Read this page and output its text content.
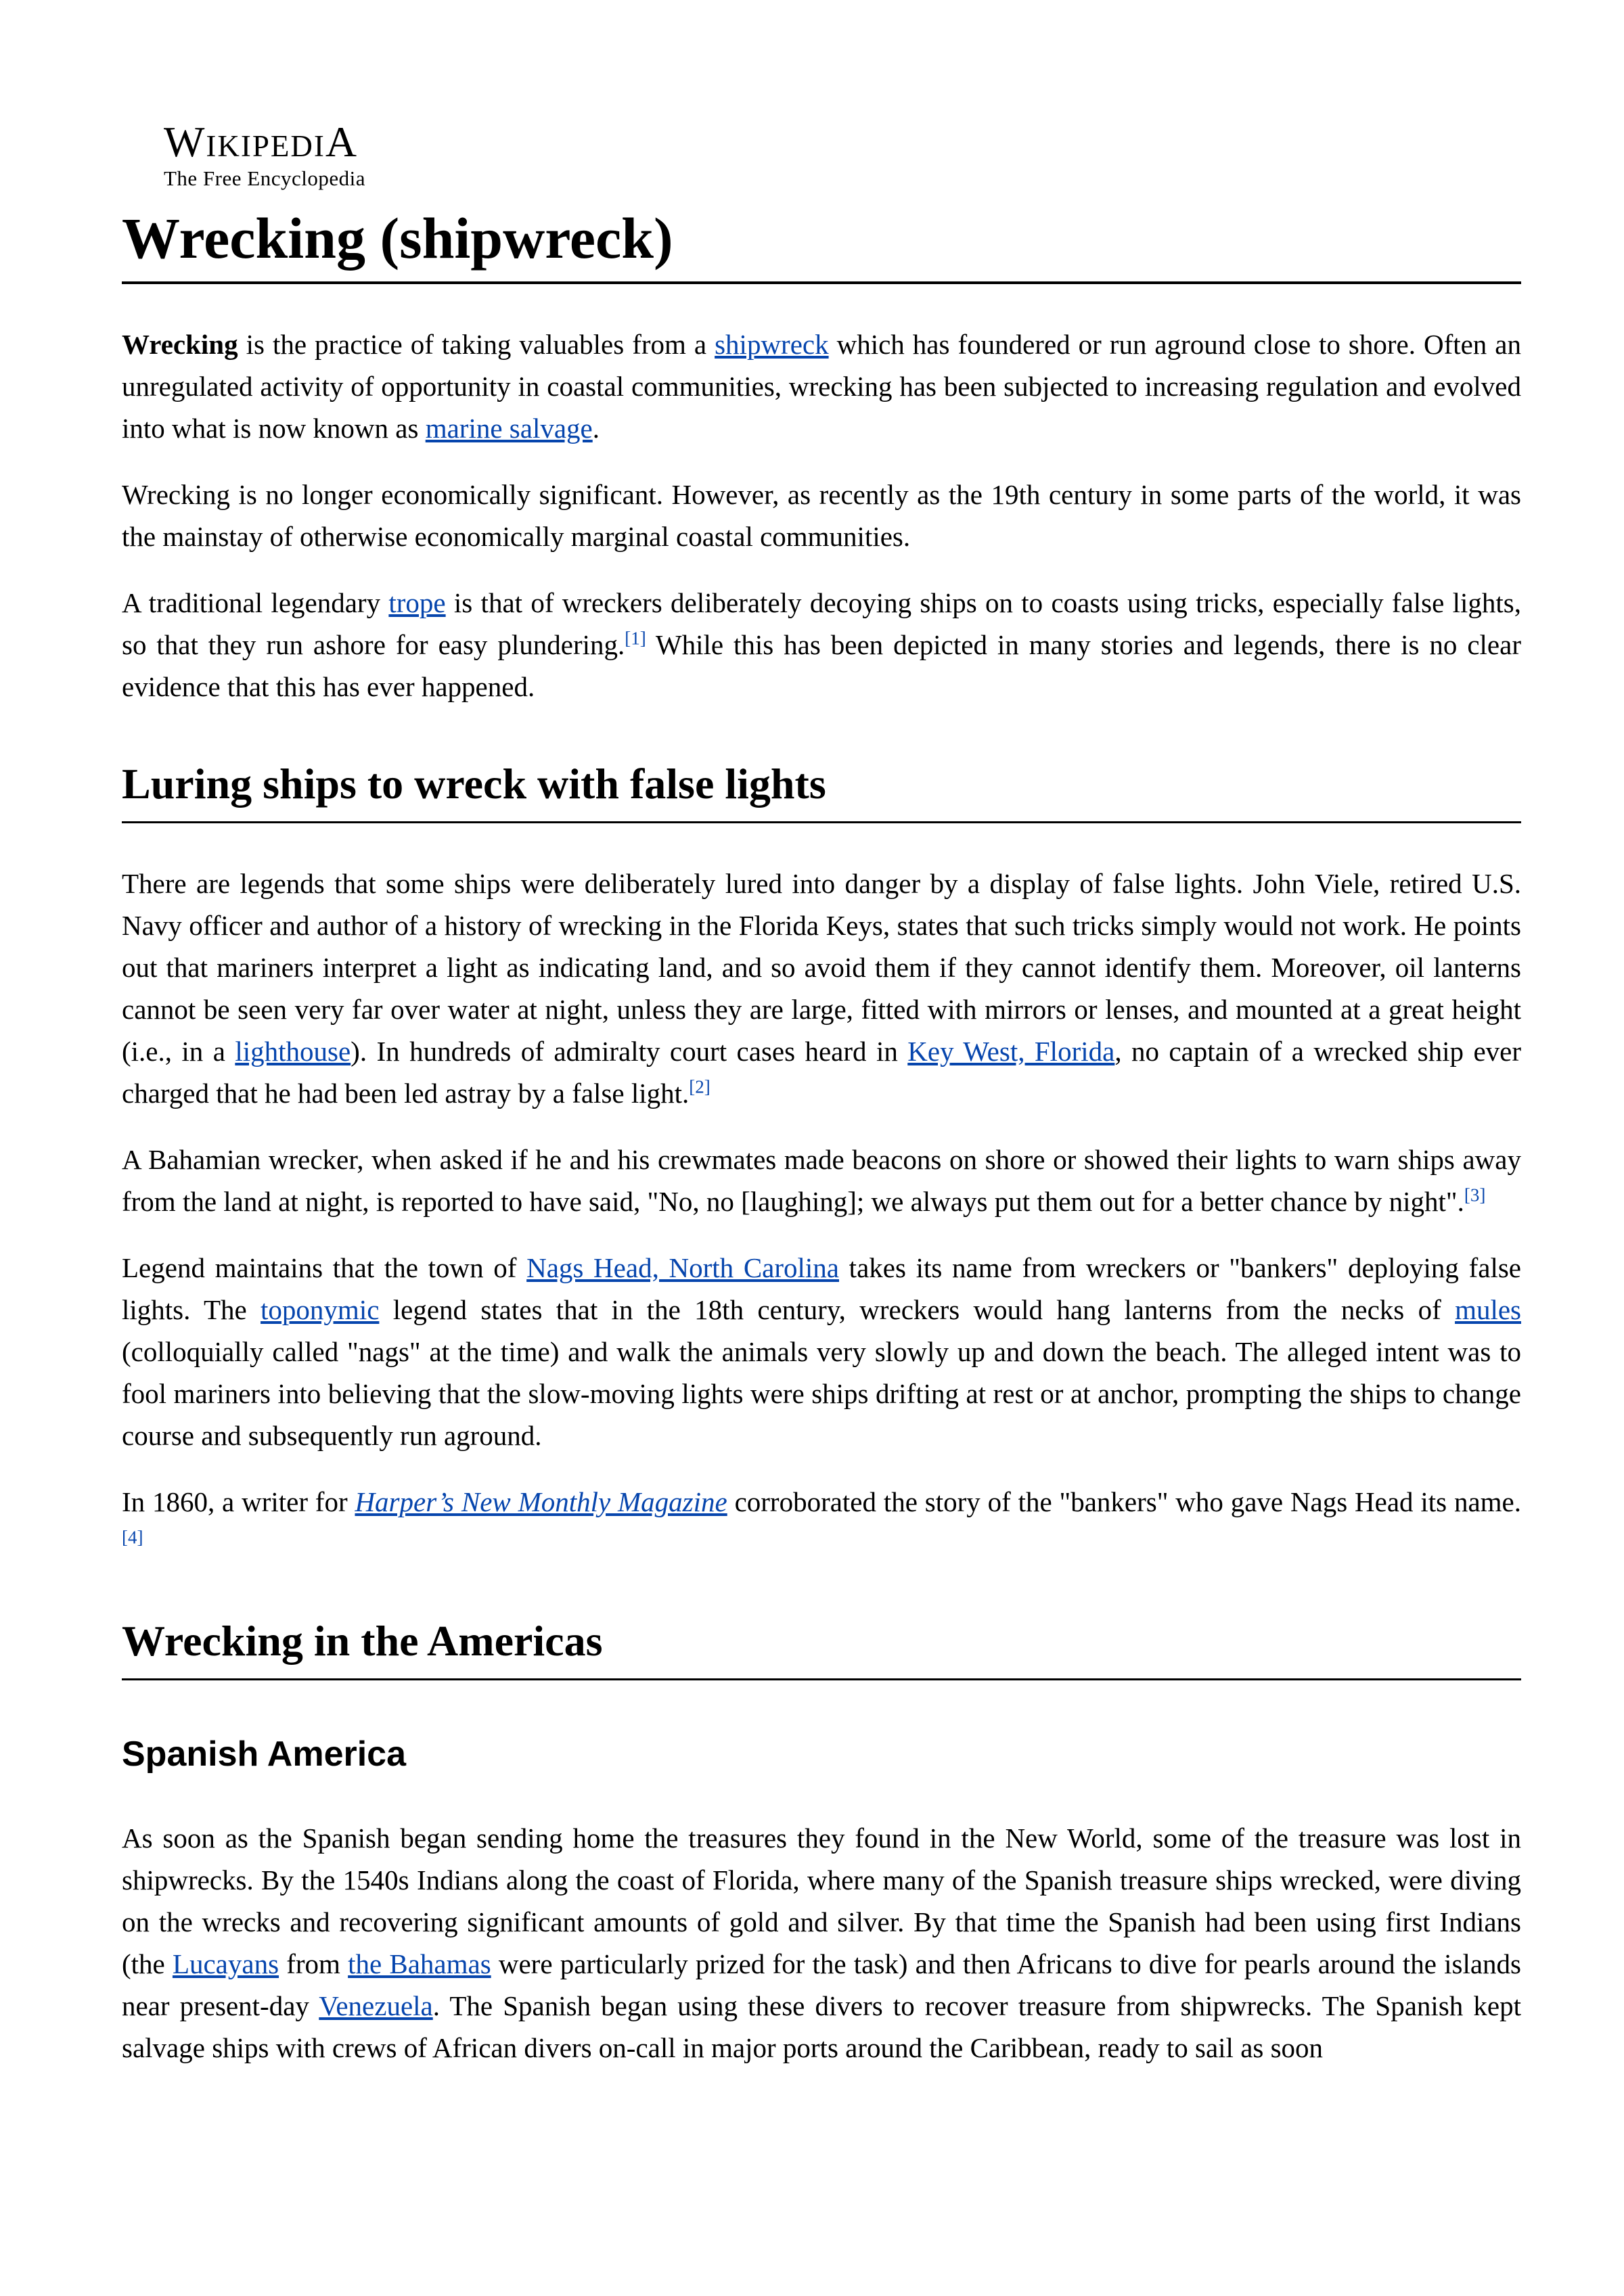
WikipediA
The Free Encyclopedia
Wrecking (shipwreck)

Wrecking is the practice of taking valuables from a shipwreck which has foundered or run aground close to shore. Often an unregulated activity of opportunity in coastal communities, wrecking has been subjected to increasing regulation and evolved into what is now known as marine salvage.

Wrecking is no longer economically significant. However, as recently as the 19th century in some parts of the world, it was the mainstay of otherwise economically marginal coastal communities.

A traditional legendary trope is that of wreckers deliberately decoying ships on to coasts using tricks, especially false lights, so that they run ashore for easy plundering.[1] While this has been depicted in many stories and legends, there is no clear evidence that this has ever happened.

Luring ships to wreck with false lights

There are legends that some ships were deliberately lured into danger by a display of false lights. John Viele, retired U.S. Navy officer and author of a history of wrecking in the Florida Keys, states that such tricks simply would not work. He points out that mariners interpret a light as indicating land, and so avoid them if they cannot identify them. Moreover, oil lanterns cannot be seen very far over water at night, unless they are large, fitted with mirrors or lenses, and mounted at a great height (i.e., in a lighthouse). In hundreds of admiralty court cases heard in Key West, Florida, no captain of a wrecked ship ever charged that he had been led astray by a false light.[2]

A Bahamian wrecker, when asked if he and his crewmates made beacons on shore or showed their lights to warn ships away from the land at night, is reported to have said, "No, no [laughing]; we always put them out for a better chance by night".[3]

Legend maintains that the town of Nags Head, North Carolina takes its name from wreckers or "bankers" deploying false lights. The toponymic legend states that in the 18th century, wreckers would hang lanterns from the necks of mules (colloquially called "nags" at the time) and walk the animals very slowly up and down the beach. The alleged intent was to fool mariners into believing that the slow-moving lights were ships drifting at rest or at anchor, prompting the ships to change course and subsequently run aground.

In 1860, a writer for Harper’s New Monthly Magazine corroborated the story of the "bankers" who gave Nags Head its name.[4]

Wrecking in the Americas
Spanish America

As soon as the Spanish began sending home the treasures they found in the New World, some of the treasure was lost in shipwrecks. By the 1540s Indians along the coast of Florida, where many of the Spanish treasure ships wrecked, were diving on the wrecks and recovering significant amounts of gold and silver. By that time the Spanish had been using first Indians (the Lucayans from the Bahamas were particularly prized for the task) and then Africans to dive for pearls around the islands near present-day Venezuela. The Spanish began using these divers to recover treasure from shipwrecks. The Spanish kept salvage ships with crews of African divers on-call in major ports around the Caribbean, ready to sail as soon
